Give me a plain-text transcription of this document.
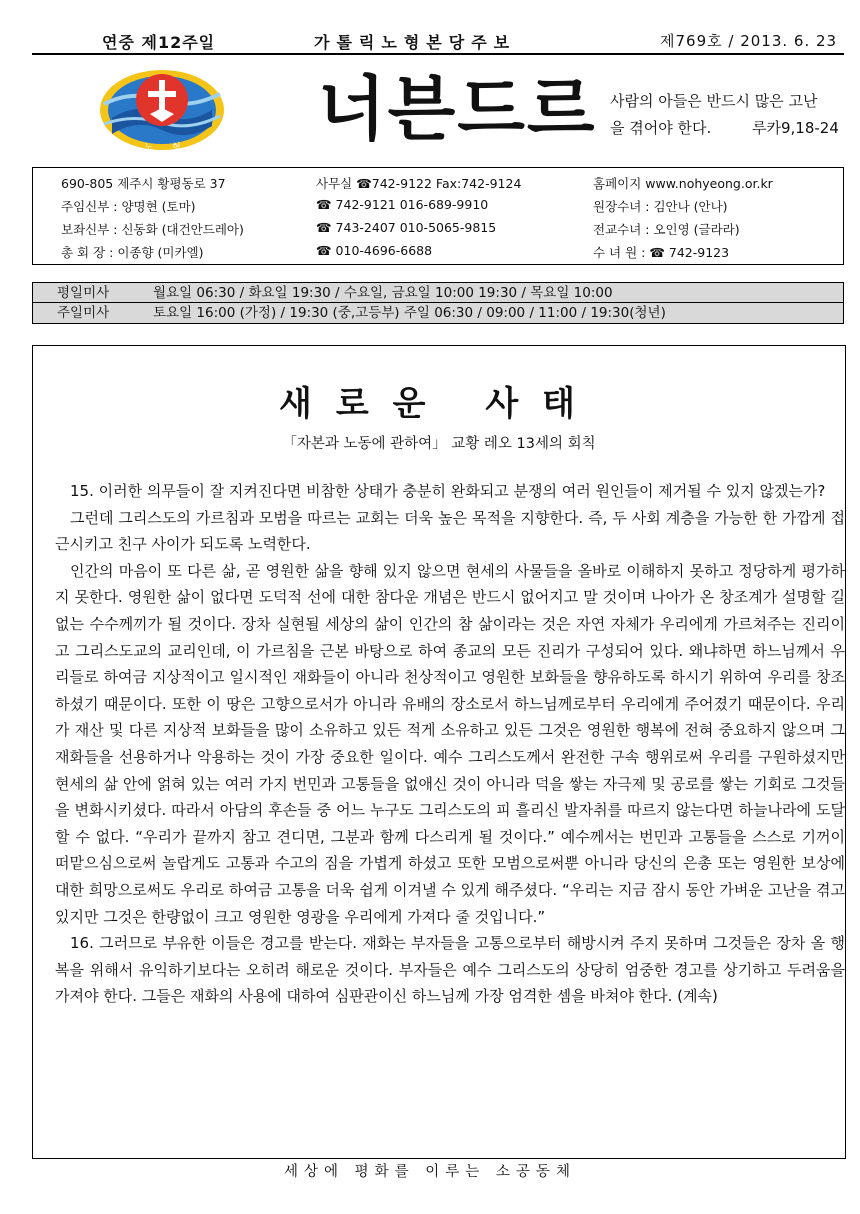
연중 제12주일	가톨릭노형본당주보	제769호 / 2013. 6. 23
노 형 너븐드르 사람의 아들은 반드시 많은 고난
을 겪어야 한다.	루카9,18-24
690-805 제주시 황평동로 37	사무실 ☎742-9122 Fax:742-9124	홈페이지 www.nohyeong.or.kr
주임신부 : 양명현 (토마)	☎ 742-9121 016-689-9910	원장수녀 : 김안나 (안나)
보좌신부 : 신동화 (대건안드레아)	☎ 743-2407 010-5065-9815	전교수녀 : 오인영 (글라라)
총 회 장 : 이종향 (미카엘)	☎ 010-4696-6688	수 녀 원 : ☎ 742-9123
평일미사	월요일 06:30 / 화요일 19:30 / 수요일, 금요일 10:00 19:30 / 목요일 10:00
주일미사	토요일 16:00 (가정) / 19:30 (중,고등부) 주일 06:30 / 09:00 / 11:00 / 19:30(청년)
새로운 사태
「자본과 노동에 관하여」 교황 레오 13세의 회칙

15. 이러한 의무들이 잘 지켜진다면 비참한 상태가 충분히 완화되고 분쟁의 여러 원인들이 제거될 수 있지 않겠는가?

그런데 그리스도의 가르침과 모범을 따르는 교회는 더욱 높은 목적을 지향한다. 즉, 두 사회 계층을 가능한 한 가깝게 접근시키고 친구 사이가 되도록 노력한다.

인간의 마음이 또 다른 삶, 곧 영원한 삶을 향해 있지 않으면 현세의 사물들을 올바로 이해하지 못하고 정당하게 평가하지 못한다. 영원한 삶이 없다면 도덕적 선에 대한 참다운 개념은 반드시 없어지고 말 것이며 나아가 온 창조계가 설명할 길 없는 수수께끼가 될 것이다. 장차 실현될 세상의 삶이 인간의 참 삶이라는 것은 자연 자체가 우리에게 가르쳐주는 진리이고 그리스도교의 교리인데, 이 가르침을 근본 바탕으로 하여 종교의 모든 진리가 구성되어 있다. 왜냐하면 하느님께서 우리들로 하여금 지상적이고 일시적인 재화들이 아니라 천상적이고 영원한 보화들을 향유하도록 하시기 위하여 우리를 창조하셨기 때문이다. 또한 이 땅은 고향으로서가 아니라 유배의 장소로서 하느님께로부터 우리에게 주어졌기 때문이다. 우리가 재산 및 다른 지상적 보화들을 많이 소유하고 있든 적게 소유하고 있든 그것은 영원한 행복에 전혀 중요하지 않으며 그 재화들을 선용하거나 악용하는 것이 가장 중요한 일이다. 예수 그리스도께서 완전한 구속 행위로써 우리를 구원하셨지만 현세의 삶 안에 얽혀 있는 여러 가지 번민과 고통들을 없애신 것이 아니라 덕을 쌓는 자극제 및 공로를 쌓는 기회로 그것들을 변화시키셨다. 따라서 아담의 후손들 중 어느 누구도 그리스도의 피 흘리신 발자취를 따르지 않는다면 하늘나라에 도달할 수 없다. “우리가 끝까지 참고 견디면, 그분과 함께 다스리게 될 것이다.” 예수께서는 번민과 고통들을 스스로 기꺼이 떠맡으심으로써 놀랍게도 고통과 수고의 짐을 가볍게 하셨고 또한 모범으로써뿐 아니라 당신의 은총 또는 영원한 보상에 대한 희망으로써도 우리로 하여금 고통을 더욱 쉽게 이겨낼 수 있게 해주셨다. “우리는 지금 잠시 동안 가벼운 고난을 겪고 있지만 그것은 한량없이 크고 영원한 영광을 우리에게 가져다 줄 것입니다.”

16. 그러므로 부유한 이들은 경고를 받는다. 재화는 부자들을 고통으로부터 해방시켜 주지 못하며 그것들은 장차 올 행복을 위해서 유익하기보다는 오히려 해로운 것이다. 부자들은 예수 그리스도의 상당히 엄중한 경고를 상기하고 두려움을 가져야 한다. 그들은 재화의 사용에 대하여 심판관이신 하느님께 가장 엄격한 셈을 바쳐야 한다. (계속)

세상에 평화를 이루는 소공동체
